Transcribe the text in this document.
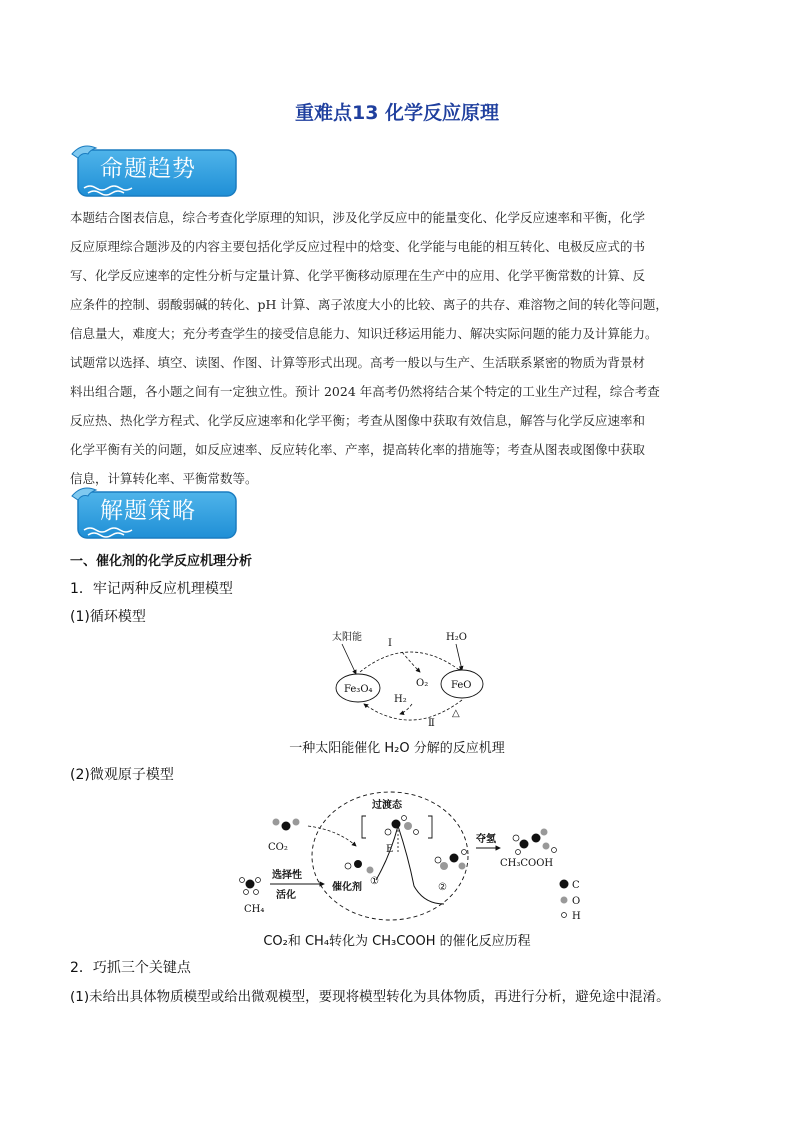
重难点13 化学反应原理
命题趋势
本题结合图表信息，综合考查化学原理的知识，涉及化学反应中的能量变化、化学反应速率和平衡，化学
反应原理综合题涉及的内容主要包括化学反应过程中的焓变、化学能与电能的相互转化、电极反应式的书
写、化学反应速率的定性分析与定量计算、化学平衡移动原理在生产中的应用、化学平衡常数的计算、反
应条件的控制、弱酸弱碱的转化、pH 计算、离子浓度大小的比较、离子的共存、难溶物之间的转化等问题，
信息量大，难度大；充分考查学生的接受信息能力、知识迁移运用能力、解决实际问题的能力及计算能力。
试题常以选择、填空、读图、作图、计算等形式出现。高考一般以与生产、生活联系紧密的物质为背景材
料出组合题，各小题之间有一定独立性。预计 2024 年高考仍然将结合某个特定的工业生产过程，综合考查
反应热、热化学方程式、化学反应速率和化学平衡；考查从图像中获取有效信息，解答与化学反应速率和
化学平衡有关的问题，如反应速率、反应转化率、产率，提高转化率的措施等；考查从图表或图像中获取
信息，计算转化率、平衡常数等。
解题策略
一、催化剂的化学反应机理分析
1．牢记两种反应机理模型
(1)循环模型
太阳能
Ⅰ
H₂O
O₂
Fe₃O₄	FeO
H₂
Ⅱ
△
一种太阳能催化 H₂O 分解的反应机理
(2)微观原子模型
过渡态
CO₂
CH₄
选择性
活化
催化剂
①
E
②
夺氢
CH₃COOH
C
O
H
CO₂和 CH₄转化为 CH₃COOH 的催化反应历程
2．巧抓三个关键点
(1)未给出具体物质模型或给出微观模型，要现将模型转化为具体物质，再进行分析，避免途中混淆。
